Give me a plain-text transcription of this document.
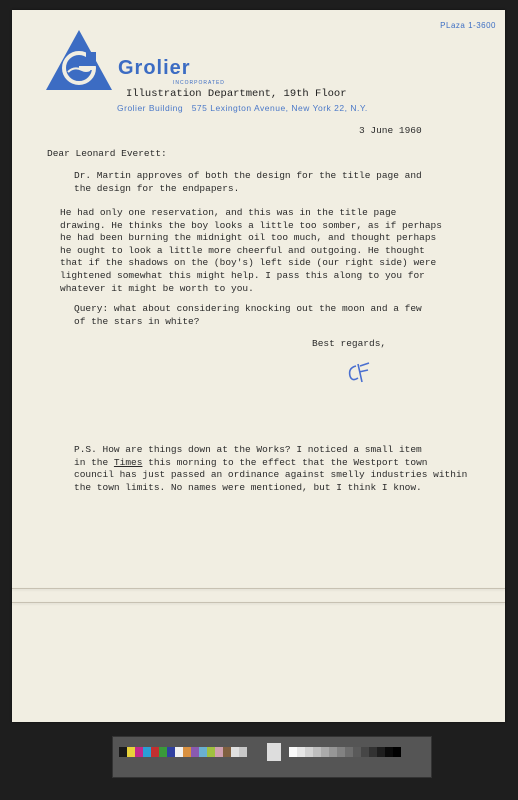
PLaza 1-3600
Grolier
INCORPORATED
Illustration Department, 19th Floor
Grolier Building   575 Lexington Avenue, New York 22, N.Y.
3 June 1960
Dear Leonard Everett:
Dr. Martin approves of both the design for the title page and
the design for the endpapers.
He had only one reservation, and this was in the title page
drawing. He thinks the boy looks a little too somber, as if perhaps
he had been burning the midnight oil too much, and thought perhaps
he ought to look a little more cheerful and outgoing. He thought
that if the shadows on the (boy's) left side (our right side) were
lightened somewhat this might help. I pass this along to you for
whatever it might be worth to you.
Query: what about considering knocking out the moon and a few
of the stars in white?
Best regards,
P.S. How are things down at the Works? I noticed a small item
in the Times this morning to the effect that the Westport town
council has just passed an ordinance against smelly industries within
the town limits. No names were mentioned, but I think I know.
